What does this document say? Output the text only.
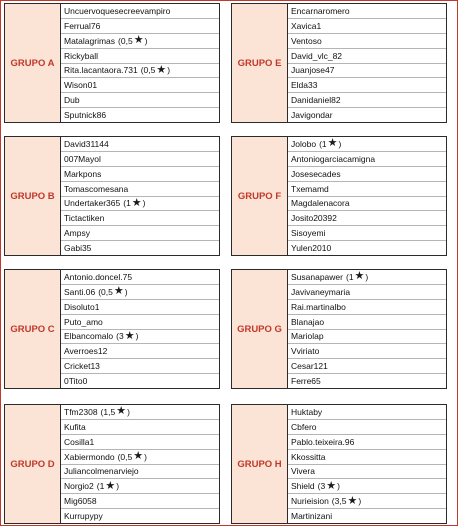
GRUPO A
Uncuervoquesecreevampiro
Ferrual76
Matalagrimas (0,5 ★ )
Rickyball
Rita.lacantaora.731 (0,5 ★ )
Wison01
Dub
Sputnick86
GRUPO E
Encarnaromero
Xavica1
Ventoso
David_vlc_82
Juanjose47
Elda33
Danidaniel82
Javigondar
GRUPO B
David31144
007Mayol
Markpons
Tomascomesana
Undertaker365 (1 ★ )
Tictactiken
Ampsy
Gabi35
GRUPO F
Jolobo (1 ★ )
Antoniogarciacamigna
Josesecades
Txemamd
Magdalenacora
Josito20392
Sisoyemi
Yulen2010
GRUPO C
Antonio.doncel.75
Santi.06 (0,5 ★ )
Disoluto1
Puto_amo
Elbancomalo (3 ★ )
Averroes12
Cricket13
0Tito0
GRUPO G
Susanapawer (1 ★ )
Javivaneymaria
Rai.martinalbo
Blanajao
Mariolap
Vviriato
Cesar121
Ferre65
GRUPO D
Tfm2308 (1,5 ★ )
Kufita
Cosilla1
Xabiermondo (0,5 ★ )
Juliancolmenarviejo
Norgio2 (1 ★ )
Mig6058
Kurrupypy
GRUPO H
Huktaby
Cbfero
Pablo.teixeira.96
Kkossitta
Vivera
Shield (3 ★ )
Nurieision (3,5 ★ )
Martinizani
